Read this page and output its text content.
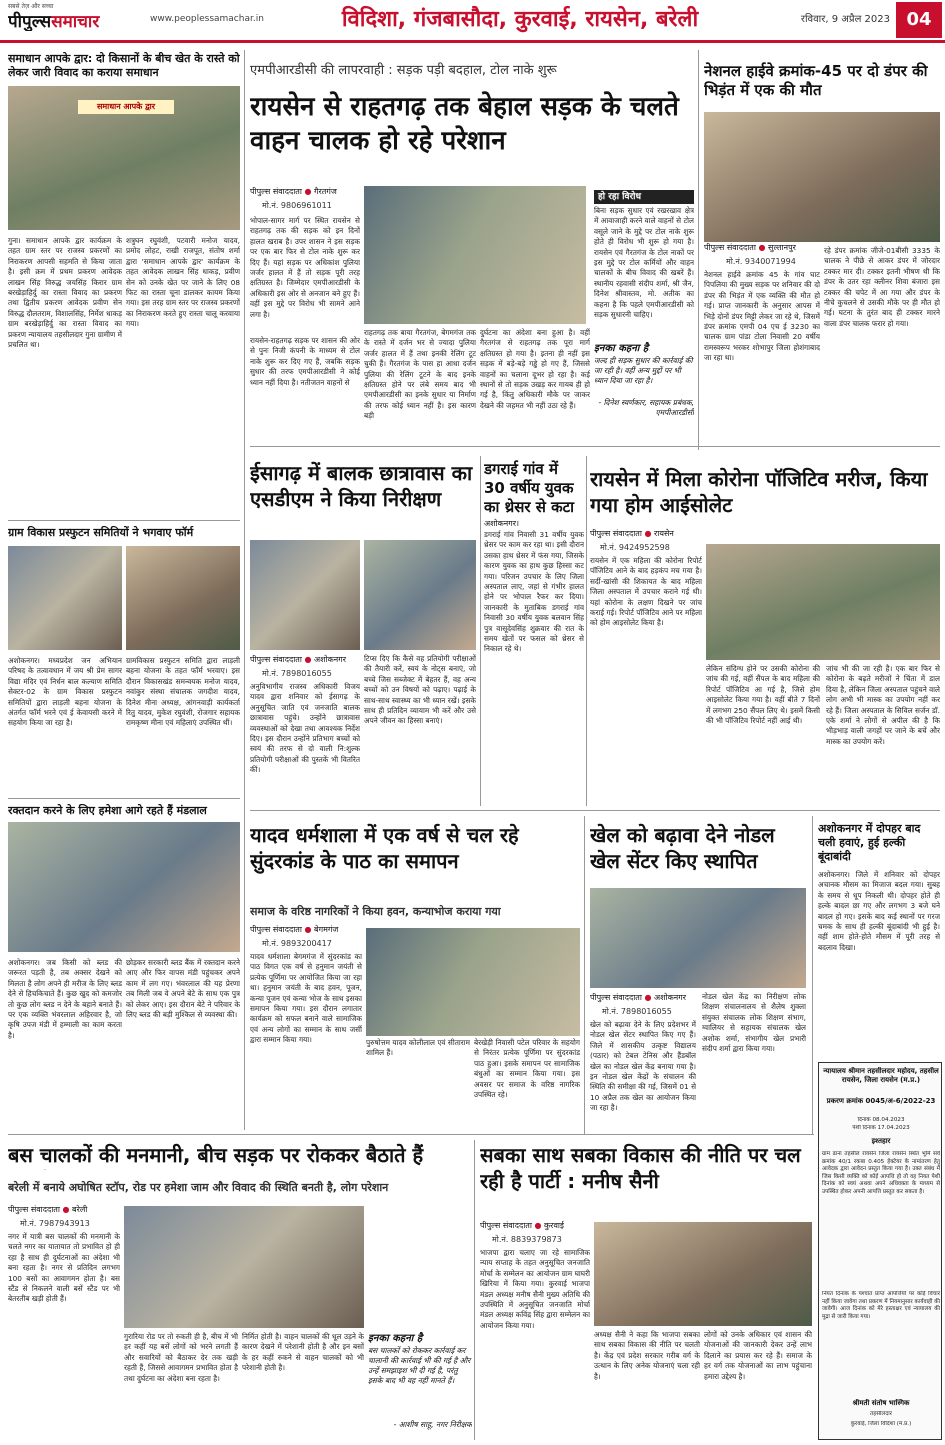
सबसे तेज़ और सच्चा
पीपुल्ससमाचार	www.peoplessamachar.in	विदिशा, गंजबासौदा, कुरवाई, रायसेन, बरेली	रविवार, 9 अप्रैल 2023 04
समाधान आपके द्वार: दो किसानों के बीच खेत के रास्ते को लेकर जारी विवाद का कराया समाधान
समाधान आपके द्वार
गुना। समाधान आपके द्वार कार्यक्रम के तहत ग्राम स्तर पर राजस्व प्रकरणों का निराकरण आपसी सहमति से किया जाता है। इसी क्रम में प्रथम प्रकरण आवेदक लाखन सिंह विरुद्ध जयसिंह किरार ग्राम बरखेड़ाहिर्दु का रास्ता विवाद का प्रकरण तथा द्वितीय प्रकरण आवेदक प्रवीण सेन विरुद्ध दौलतराम, विशालसिंह, निर्मेश धाकड़ ग्राम बरखेड़ाहिर्दु का रास्ता विवाद का प्रकरण न्यायालय तहसीलदार गुना ग्रामीण में प्रचलित था।
शत्रुघन रघुवंशी, पटवारी मनोज यादव, प्रमोद लोहट, राखी राजपूत, संतोष शर्मा द्वारा 'समाधान आपके द्वार' कार्यक्रम के तहत आवेदक लाखन सिंह धाकड़, प्रवीण सेन को उनके खेत पर जाने के लिए 08 फिट का रास्ता चूना डालकर कायम किया गया। इस तरह ग्राम स्तर पर राजस्व प्रकरणों का निराकरण करते हुए रास्ता चालू करवाया गया।
ग्राम विकास प्रस्फुटन समितियों ने भगवाए फॉर्म
अशोकनगर। मध्यप्रदेश जन अभियान परिषद के तत्वावधान में जय श्री प्रेम सागर विद्या मंदिर एवं निर्धन बाल कल्याण समिति सेक्टर-02 के ग्राम विकास प्रस्फुटन समितियों द्वारा लाड़ली बहना योजना के अंतर्गत फॉर्म भरने एवं ई केवायसी करने में सहयोग किया जा रहा है।
ग्रामविकास प्रस्फुटन समिति द्वारा लाड़ली बहना योजना के तहत फॉर्म भरवाए। इस दौरान विकासखंड समन्वयक मनोज यादव, नवांकुर संस्था संचालक जगदीश यादव, दिनेश मीना अध्यक्ष, आंगनवाड़ी कार्यकर्ता रितु यादव, मुकेश रघुवंशी, रोजगार सहायक रामकृष्ण मीना एवं महिलाएं उपस्थित थीं।
रक्तदान करने के लिए हमेशा आगे रहते हैं मंडलाल
अशोकनगर। जब किसी को ब्लड की जरूरत पड़ती है, तब अक्सर देखने को मिलता है लोग अपने ही मरीज के लिए ब्लड देने से हिचकिचाते हैं। कुछ खुद को कमजोर तो कुछ लोग ब्लड न देने के बहाने बनाते हैं। पर एक व्यक्ति भंवरलाल अहिरवार है, जो कृषि उपज मंडी में हम्माली का काम करता है।
छोड़कर सरकारी ब्लड बैंक में रक्तदान करने आए और फिर वापस मंडी पहुंचकर अपने काम में लग गए। भंवरलाल की यह प्रेरणा तब मिली जब वे अपने बेटे के साथ एक पुत्र को लेकर आए। इस दौरान बेटे ने परिवार के लिए ब्लड की बड़ी मुश्किल से व्यवस्था की।
एमपीआरडीसी की लापरवाही : सड़क पड़ी बदहाल, टोल नाके शुरू
रायसेन से राहतगढ़ तक बेहाल सड़क के चलते वाहन चालक हो रहे परेशान
पीपुल्स संवाददाता ● गैरतगंज
मो.नं. 9806961011
भोपाल-सागर मार्ग पर स्थित रायसेन से राहतगढ़ तक की सड़क को इन दिनों हालत खराब है। उपर शासन ने इस सड़क पर एक बार फिर से टोल नाके शुरू कर दिए हैं। यहां सड़क पर अधिकांश पुलिया जर्जर हालत में हैं तो सड़क पूरी तरह क्षतिग्रस्त है। जिम्मेदार एमपीआरडीसी के अधिकारी इस ओर से अनजान बने हुए हैं। वहीं इस मुद्दे पर विरोध भी सामने आने लगा है।
रायसेन-राहतगढ़ सड़क पर शासन की ओर से पुनः निजी कंपनी के माध्यम से टोल नाके शुरू कर दिए गए हैं, जबकि सड़क सुधार की तरफ एमपीआरडीसी ने कोई ध्यान नहीं दिया है। नतीजतन वाहनों से
राहतगढ़ तक बाया गैरतगंज, बेगमगंज तक के रास्ते में दर्जन भर से ज्यादा पुलिया जर्जर हालत में हैं तथा इनकी रेलिंग टूट चुकी हैं। गैरतगंज के पास हा आधा दर्जन पुलिया की रेलिंग टूटने के बाद इनके क्षतिग्रस्त होने पर लंबे समय बाद भी एमपीआरडीसी का इनके सुधार या निर्माण की तरफ कोई ध्यान नहीं है। इस कारण बड़ी
दुर्घटना का अंदेशा बना हुआ है। वहीं गैरतगंज से राहतगढ़ तक पूरा मार्ग क्षतिग्रस्त हो गया है। इतना ही नहीं इस सड़क में बड़े-बड़े गड्ढे हो गए हैं, जिससे वाहनों का चलाना दूभर हो रहा है। कई स्थानों से तो सड़क उखड़ कर गायब ही हो गई है, किंतु अधिकारी मौके पर जाकर देखने की जहमत भी नहीं उठा रहे हैं।
हो रहा विरोध
बिना सड़क सुधार एवं रखरखाव क्षेत्र में आवाजाही करने वाले वाहनों से टोल वसूले जाने के मुद्दे पर टोल नाके शुरू होते ही विरोध भी शुरू हो गया है। रायसेन एवं गैरतगंज के टोल नाकों पर इस मुद्दे पर टोल कर्मियों और वाहन चालकों के बीच विवाद की खबरें हैं। स्थानीय रहवासी संदीप शर्मा, श्री जैन, दिनेश श्रीवास्तव, मो. अतीक का कहना है कि पहले एमपीआरडीसी को सड़क सुधारनी चाहिए।
इनका कहना है
जल्द ही सड़क सुधार की कार्रवाई की जा रही है। वहीं अन्य मुद्दों पर भी ध्यान दिया जा रहा है।
- दिनेश स्वर्णकार, सहायक प्रबंधक, एमपीआरडीसी
नेशनल हाईवे क्रमांक-45 पर दो डंपर की भिड़ंत में एक की मौत
पीपुल्स संवाददाता ● सुल्तानपुर
मो.नं. 9340071994
नेशनल हाईवे क्रमांक 45 के गांव घाट पिपलिया की मुख्य सड़क पर शनिवार की दो डंपर की भिड़ंत में एक व्यक्ति की मौत हो गई। प्राप्त जानकारी के अनुसार आपस में भिड़े दोनों डंपर मिट्टी लेकर जा रहे थे, जिसमें डंपर क्रमांक एमपी 04 एच ई 3230 का चालक ग्राम पांडा टोला निवासी 20 वर्षीय रामस्वरूप भरकर शोभापुर जिला होशंगाबाद जा रहा था।
रहे डंपर क्रमांक जीजे-01बीसी 3335 के चालक ने पीछे से आकर डंपर में जोरदार टक्कर मार दी। टक्कर इतनी भीषण थी कि डंपर के उतर रहा क्लीनर शिवा बंजारा इस टक्कर की चपेट में आ गया और डंपर के नीचे कुचलने से उसकी मौके पर ही मौत हो गई। घटना के तुरंत बाद ही टक्कर मारने वाला डंपर चालक फरार हो गया।
ईसागढ़ में बालक छात्रावास का एसडीएम ने किया निरीक्षण
पीपुल्स संवाददाता ● अशोकनगर
मो.नं. 7898016055
अनुविभागीय राजस्व अधिकारी विजय यादव द्वारा शनिवार को ईसागढ़ के अनुसूचित जाति एवं जनजाति बालक छात्रावास पहुंचे। उन्होंने छात्रावास व्यवस्थाओं को देखा तथा आवश्यक निर्देश दिए। इस दौरान उन्होंने प्रतिभाग बच्चों को स्वयं की तरफ से दो वाली नि:शुल्क प्रतियोगी परीक्षाओं की पुस्तकें भी वितरित कीं।
टिप्स दिए कि कैसे वह प्रतियोगी परीक्षाओं की तैयारी करें, स्वयं के नोट्स बनाएं, जो बच्चे जिस सब्जेक्ट में बेहतर हैं, वह अन्य बच्चों को उन विषयों को पढ़ाए। पढ़ाई के साथ-साथ स्वास्थ्य का भी ध्यान रखें। इसके साथ ही प्रतिदिन व्यायाम भी करें और उसे अपने जीवन का हिस्सा बनाएं।
डगराई गांव में 30 वर्षीय युवक का थ्रेसर से कटा
अशोकनगर।
डगराई गांव निवासी 31 वर्षीय युवक थ्रेसर पर काम कर रहा था। इसी दौरान उसका हाथ थ्रेसर में फंस गया, जिसके कारण युवक का हाथ कुछ हिस्सा कट गया। परिजन उपचार के लिए जिला अस्पताल लाए, जहां से गंभीर हालत होने पर भोपाल रैफर कर दिया। जानकारी के मुताबिक डगराई गांव निवासी 30 वर्षीय युवक बलवान सिंह पुत्र वासूदेवसिंह शुक्रवार की रात के समय खेतों पर फसल को थ्रेसर से निकाल रहे थे।
रायसेन में मिला कोरोना पॉजिटिव मरीज, किया गया होम आईसोलेट
पीपुल्स संवाददाता ● रायसेन
मो.नं. 9424952598
रायसेन में एक महिला की कोरोना रिपोर्ट पॉजिटिव आने के बाद हड़कंप मच गया है। सर्दी-खांसी की शिकायत के बाद महिला जिला अस्पताल में उपचार कराने गई थी। यहां कोरोना के लक्षण दिखने पर जांच कराई गई। रिपोर्ट पॉजिटिव आने पर महिला को होम आइसोलेट किया है।
लेकिन संदिग्ध होने पर उसकी कोरोना की जांच की गई, वहीं सैंपल के बाद महिला की रिपोर्ट पॉजिटिव आ गई है, जिसे होम आइसोलेट किया गया है। वहीं बीते 7 दिनों में लगभग 250 सैंपल लिए थे। इसमें किसी की भी पॉजिटिव रिपोर्ट नहीं आई थी।
जांच भी की जा रही है। एक बार फिर से कोरोना के बढ़ते मरीजों ने चिंता में डाल दिया है, लेकिन जिला अस्पताल पहुंचने वाले लोग अभी भी मास्क का उपयोग नहीं कर रहे हैं। जिला अस्पताल के सिविल सर्जन डॉ. एके शर्मा ने लोगों से अपील की है कि भीड़भाड़ वाली जगहों पर जाने के बचें और मास्क का उपयोग करें।
यादव धर्मशाला में एक वर्ष से चल रहे सुंदरकांड के पाठ का समापन
समाज के वरिष्ठ नागरिकों ने किया हवन, कन्याभोज कराया गया
पीपुल्स संवाददाता ● बेगमगंज
मो.नं. 9893200417
यादव धर्मशाला बेगमगंज में सुंदरकांड का पाठ विगत एक वर्ष से हनुमान जयंती से प्रत्येक पूर्णिमा पर आयोजित किया जा रहा था। हनुमान जयंती के बाद हवन, पूजन, कन्या पूजन एवं कन्या भोज के साथ इसका समापन किया गया। इस दौरान लगातार कार्यक्रम को सफल बनाने वाले सामाजिक एवं अन्य लोगों का सम्मान के साथ जर्सी द्वारा सम्मान किया गया।	पुरुषोत्तम यादव कोलीलाल एवं सीताराम शामिल हैं।
बेरखेड़ी निवासी पटेल परिवार के सहयोग से निरंतर प्रत्येक पूर्णिमा पर सुंदरकांड पाठ हुआ। इसके समापन पर सामाजिक बंधुओं का सम्मान किया गया। इस अवसर पर समाज के वरिष्ठ नागरिक उपस्थित रहे।
खेल को बढ़ावा देने नोडल खेल सेंटर किए स्थापित
पीपुल्स संवाददाता ● अशोकनगर
मो.नं. 7898016055
खेल को बढ़ावा देने के लिए प्रदेशभर में नोडल खेल सेंटर स्थापित किए गए हैं। जिले में शासकीय उत्कृष्ट विद्यालय (पठार) को टेबल टेनिस और हैंडबॉल खेल का नोडल खेल केंद्र बनाया गया है। इन नोडल खेल केंद्रों के संचालन की स्थिति की समीक्षा की गई, जिसमें 01 से 10 अप्रैल तक खेल का आयोजन किया जा रहा है।
नोडल खेल केंद्र का निरीक्षण लोक शिक्षण संचालनालय से शैलेष शुक्ला संयुक्त संचालक लोक शिक्षण संभाग, ग्वालियर से सहायक संचालक खेल अशोक शर्मा, संभागीय खेल प्रभारी संदीप शर्मा द्वारा किया गया।
अशोकनगर में दोपहर बाद चली हवाएं, हुई हल्की बूंदाबांदी
अशोकनगर। जिले में शनिवार को दोपहर अचानक मौसम का मिजाज बदल गया। सुबह के समय से धूप निकली थी। दोपहर होते ही हल्के बादल छा गए और लगभग 3 बजे घने बादल हो गए। इसके बाद कई स्थानों पर गरज चमक के साथ ही हल्की बूंदाबांदी भी हुई है। वहीं शाम होते-होते मौसम में पूरी तरह से बदलाव दिखा।
न्यायालय श्रीमान तहसीलदार महोदय, तहसील रायसेन, जिला रायसेन (म.प्र.)
प्रकरण क्रमांक 0045/अ-6/2022-23
दिनांक 08.04.2023
पेशी दिनांक 17.04.2023
इश्तहार
ग्राम ढाना तहसील रायसेन जिला रायसेन स्थित भूमि सर्वे क्रमांक 40/1 रकबा 0.405 हेक्टेयर के नामांतरण हेतु आवेदक द्वारा आवेदन प्रस्तुत किया गया है। उक्त संबंध में जिस किसी व्यक्ति को कोई आपत्ति हो तो वह नियत पेशी दिनांक को स्वयं अथवा अपने अधिवक्ता के माध्यम से उपस्थित होकर अपनी आपत्ति प्रस्तुत कर सकता है।
नियत दिनांक के पश्चात प्राप्त आपत्तियों पर कोई विचार नहीं किया जावेगा तथा प्रकरण में नियमानुसार कार्यवाही की जावेगी। आज दिनांक को मेरे हस्ताक्षर एवं न्यायालय की मुद्रा से जारी किया गया।
श्रीमती संतोष भास्गिक
तहसीलदार
कुरवाई, जिला विदिशा (म.प्र.)
बस चालकों की मनमानी, बीच सड़क पर रोककर बैठाते हैं
बरेली में बनाये अघोषित स्टॉप, रोड पर हमेशा जाम और विवाद की स्थिति बनती है, लोग परेशान
पीपुल्स संवाददाता ● बरेली
मो.नं. 7987943913
नगर में यात्री बस चालकों की मनमानी के चलते नगर का यातायात तो प्रभावित हो ही रहा है साथ ही दुर्घटनाओं का अंदेशा भी बना रहता है। नगर से प्रतिदिन लगभग 100 बसों का आवागमन होता है। बस स्टैंड से निकलने वाली बसें स्टैंड पर भी बेतरतीब खड़ी होती हैं।
गुरारिया रोड पर तो रुकती ही है, बीच में भी हर कहीं यह बसें लोगों को भरने लगती हैं और सवारियों को बैठाकर देर तक खड़ी रहती हैं, जिससे आवागमन प्रभावित होता है तथा दुर्घटना का अंदेशा बना रहता है।
निर्मित होती है। वाहन चालकों की धूल उड़ने के कारण देखने में परेशानी होती है और इन बसों के हर कहीं रुकने से वाहन चालकों को भी परेशानी होती है।
इनका कहना है
बस चालकों को रोककर कार्रवाई कर चालानी की कार्रवाई भी की गई है और उन्हें समझाइश भी दी गई है, परंतु इसके बाद भी वह नहीं मानते हैं।
- आशीष साहू, नगर निरीक्षक
सबका साथ सबका विकास की नीति पर चल रही है पार्टी : मनीष सैनी
पीपुल्स संवाददाता ● कुरवाई
मो.नं. 8839379873
भाजपा द्वारा चलाए जा रहे सामाजिक न्याय सप्ताह के तहत अनुसूचित जनजाति मोर्चा के सम्मेलन का आयोजन ग्राम घाघरी खिरिया में किया गया। कुरवाई भाजपा मंडल अध्यक्ष मनीष सैनी मुख्य अतिथि की उपस्थिति में अनुसूचित जनजाति मोर्चा मंडल अध्यक्ष कविंद्र सिंह द्वारा सम्मेलन का आयोजन किया गया।
अध्यक्ष सैनी ने कहा कि भाजपा सबका साथ सबका विकास की नीति पर चलती है। केंद्र एवं प्रदेश सरकार गरीब वर्ग के उत्थान के लिए अनेक योजनाएं चला रही है।
लोगों को उनके अधिकार एवं शासन की योजनाओं की जानकारी देकर उन्हें लाभ दिलाने का प्रयास कर रहे हैं। समाज के हर वर्ग तक योजनाओं का लाभ पहुंचाना हमारा उद्देश्य है।
